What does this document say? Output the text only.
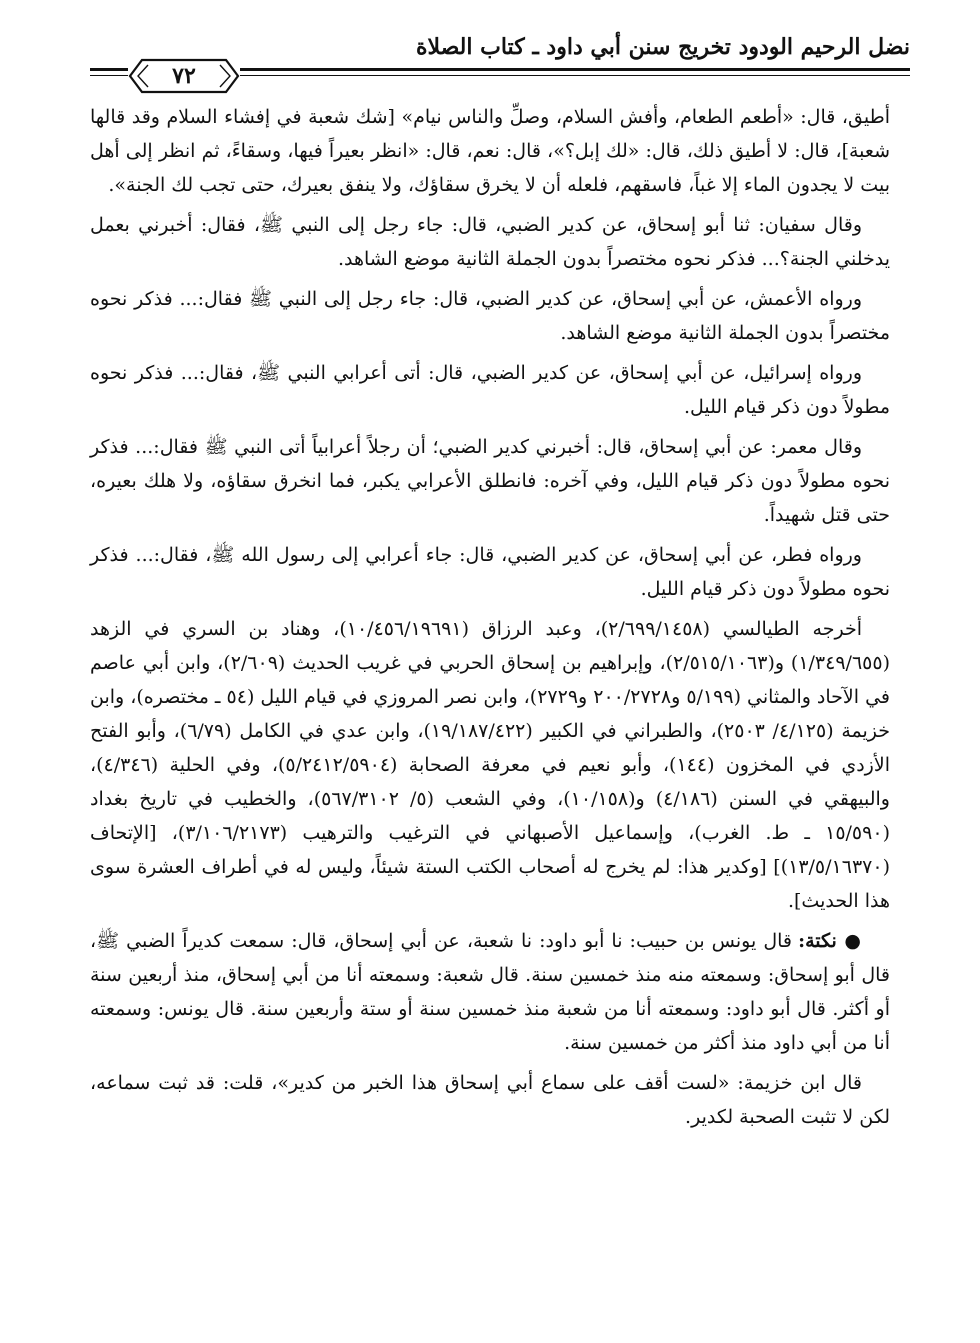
نضل الرحيم الودود تخريج سنن أبي داود ـ كتاب الصلاة
٧٢

أطيق، قال: «أطعم الطعام، وأفش السلام، وصلِّ والناس نيام» [شك شعبة في إفشاء السلام وقد قالها شعبة]، قال: لا أطيق ذلك، قال: «لك إبل؟»، قال: نعم، قال: «انظر بعيراً فيها، وسقاءً، ثم انظر إلى أهل بيت لا يجدون الماء إلا غباً، فاسقهم، فلعله أن لا يخرق سقاؤك، ولا ينفق بعيرك، حتى تجب لك الجنة».

وقال سفيان: ثنا أبو إسحاق، عن كدير الضبي، قال: جاء رجل إلى النبي ﷺ، فقال: أخبرني بعمل يدخلني الجنة؟... فذكر نحوه مختصراً بدون الجملة الثانية موضع الشاهد.

ورواه الأعمش، عن أبي إسحاق، عن كدير الضبي، قال: جاء رجل إلى النبي ﷺ فقال:... فذكر نحوه مختصراً بدون الجملة الثانية موضع الشاهد.

ورواه إسرائيل، عن أبي إسحاق، عن كدير الضبي، قال: أتى أعرابي النبي ﷺ، فقال:... فذكر نحوه مطولاً دون ذكر قيام الليل.

وقال معمر: عن أبي إسحاق، قال: أخبرني كدير الضبي؛ أن رجلاً أعرابياً أتى النبي ﷺ فقال:... فذكر نحوه مطولاً دون ذكر قيام الليل، وفي آخره: فانطلق الأعرابي يكبر، فما انخرق سقاؤه، ولا هلك بعيره، حتى قتل شهيداً.

ورواه فطر، عن أبي إسحاق، عن كدير الضبي، قال: جاء أعرابي إلى رسول الله ﷺ، فقال:... فذكر نحوه مطولاً دون ذكر قيام الليل.

أخرجه الطيالسي (٢/٦٩٩/١٤٥٨)، وعبد الرزاق (١٠/٤٥٦/١٩٦٩١)، وهناد بن السري في الزهد (١/٣٤٩/٦٥٥) و(٢/٥١٥/١٠٦٣)، وإبراهيم بن إسحاق الحربي في غريب الحديث (٢/٦٠٩)، وابن أبي عاصم في الآحاد والمثاني (٥/١٩٩ و٢٠٠/٢٧٢٨ و٢٧٢٩)، وابن نصر المروزي في قيام الليل (٥٤ ـ مختصره)، وابن خزيمة (٤/١٢٥/ ٢٥٠٣)، والطبراني في الكبير (١٩/١٨٧/٤٢٢)، وابن عدي في الكامل (٦/٧٩)، وأبو الفتح الأزدي في المخزون (١٤٤)، وأبو نعيم في معرفة الصحابة (٥/٢٤١٢/٥٩٠٤)، وفي الحلية (٤/٣٤٦)، والبيهقي في السنن (٤/١٨٦) و(١٠/١٥٨)، وفي الشعب (٥/ ٥٦٧/٣١٠٢)، والخطيب في تاريخ بغداد (١٥/٥٩٠ ـ ط. الغرب)، وإسماعيل الأصبهاني في الترغيب والترهيب (٣/١٠٦/٢١٧٣)، [الإتحاف (١٣/٥/١٦٣٧٠)] [وكدير هذا: لم يخرج له أصحاب الكتب الستة شيئاً، وليس له في أطراف العشرة سوى هذا الحديث].

● نكتة: قال يونس بن حبيب: نا أبو داود: نا شعبة، عن أبي إسحاق، قال: سمعت كديراً الضبي ﷺ، قال أبو إسحاق: وسمعته منه منذ خمسين سنة. قال شعبة: وسمعته أنا من أبي إسحاق، منذ أربعين سنة أو أكثر. قال أبو داود: وسمعته أنا من شعبة منذ خمسين سنة أو ستة وأربعين سنة. قال يونس: وسمعته أنا من أبي داود منذ أكثر من خمسين سنة.

قال ابن خزيمة: «لست أقف على سماع أبي إسحاق هذا الخبر من كدير»، قلت: قد ثبت سماعه، لكن لا تثبت الصحبة لكدير.
